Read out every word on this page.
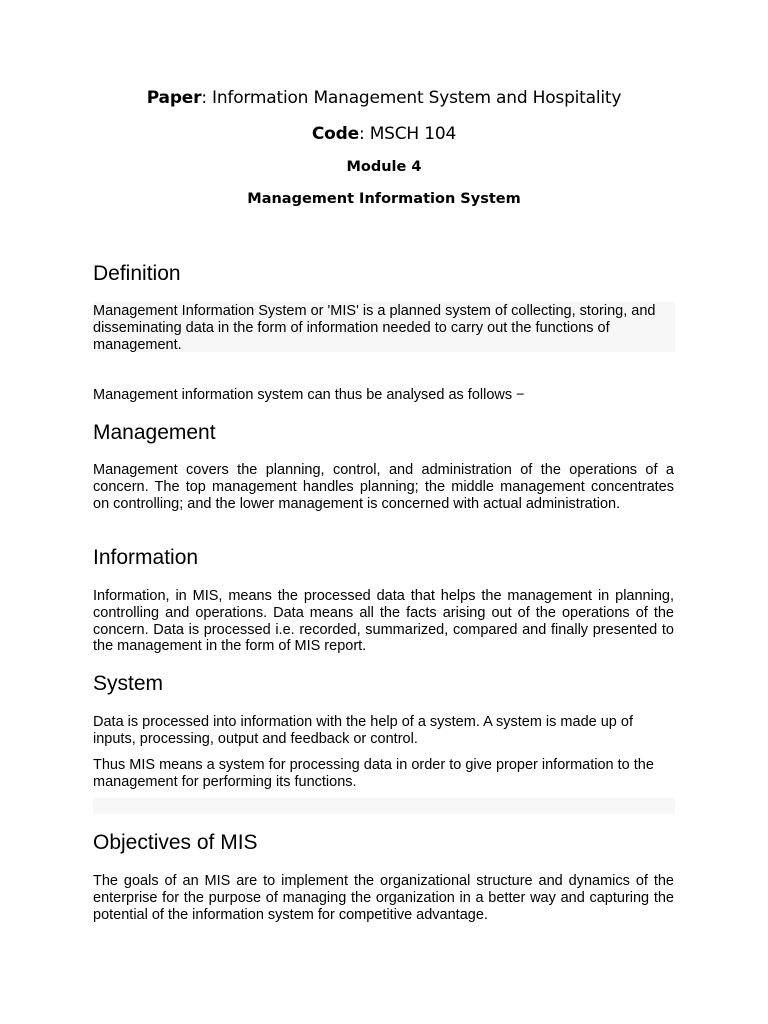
Paper: Information Management System and Hospitality
Code: MSCH 104
Module 4
Management Information System
Definition
Management Information System or 'MIS' is a planned system of collecting, storing, and disseminating data in the form of information needed to carry out the functions of management.
Management information system can thus be analysed as follows −
Management
Management covers the planning, control, and administration of the operations of a concern. The top management handles planning; the middle management concentrates on controlling; and the lower management is concerned with actual administration.
Information
Information, in MIS, means the processed data that helps the management in planning, controlling and operations. Data means all the facts arising out of the operations of the concern. Data is processed i.e. recorded, summarized, compared and finally presented to the management in the form of MIS report.
System
Data is processed into information with the help of a system. A system is made up of inputs, processing, output and feedback or control.
Thus MIS means a system for processing data in order to give proper information to the management for performing its functions.
Objectives of MIS
The goals of an MIS are to implement the organizational structure and dynamics of the enterprise for the purpose of managing the organization in a better way and capturing the potential of the information system for competitive advantage.
